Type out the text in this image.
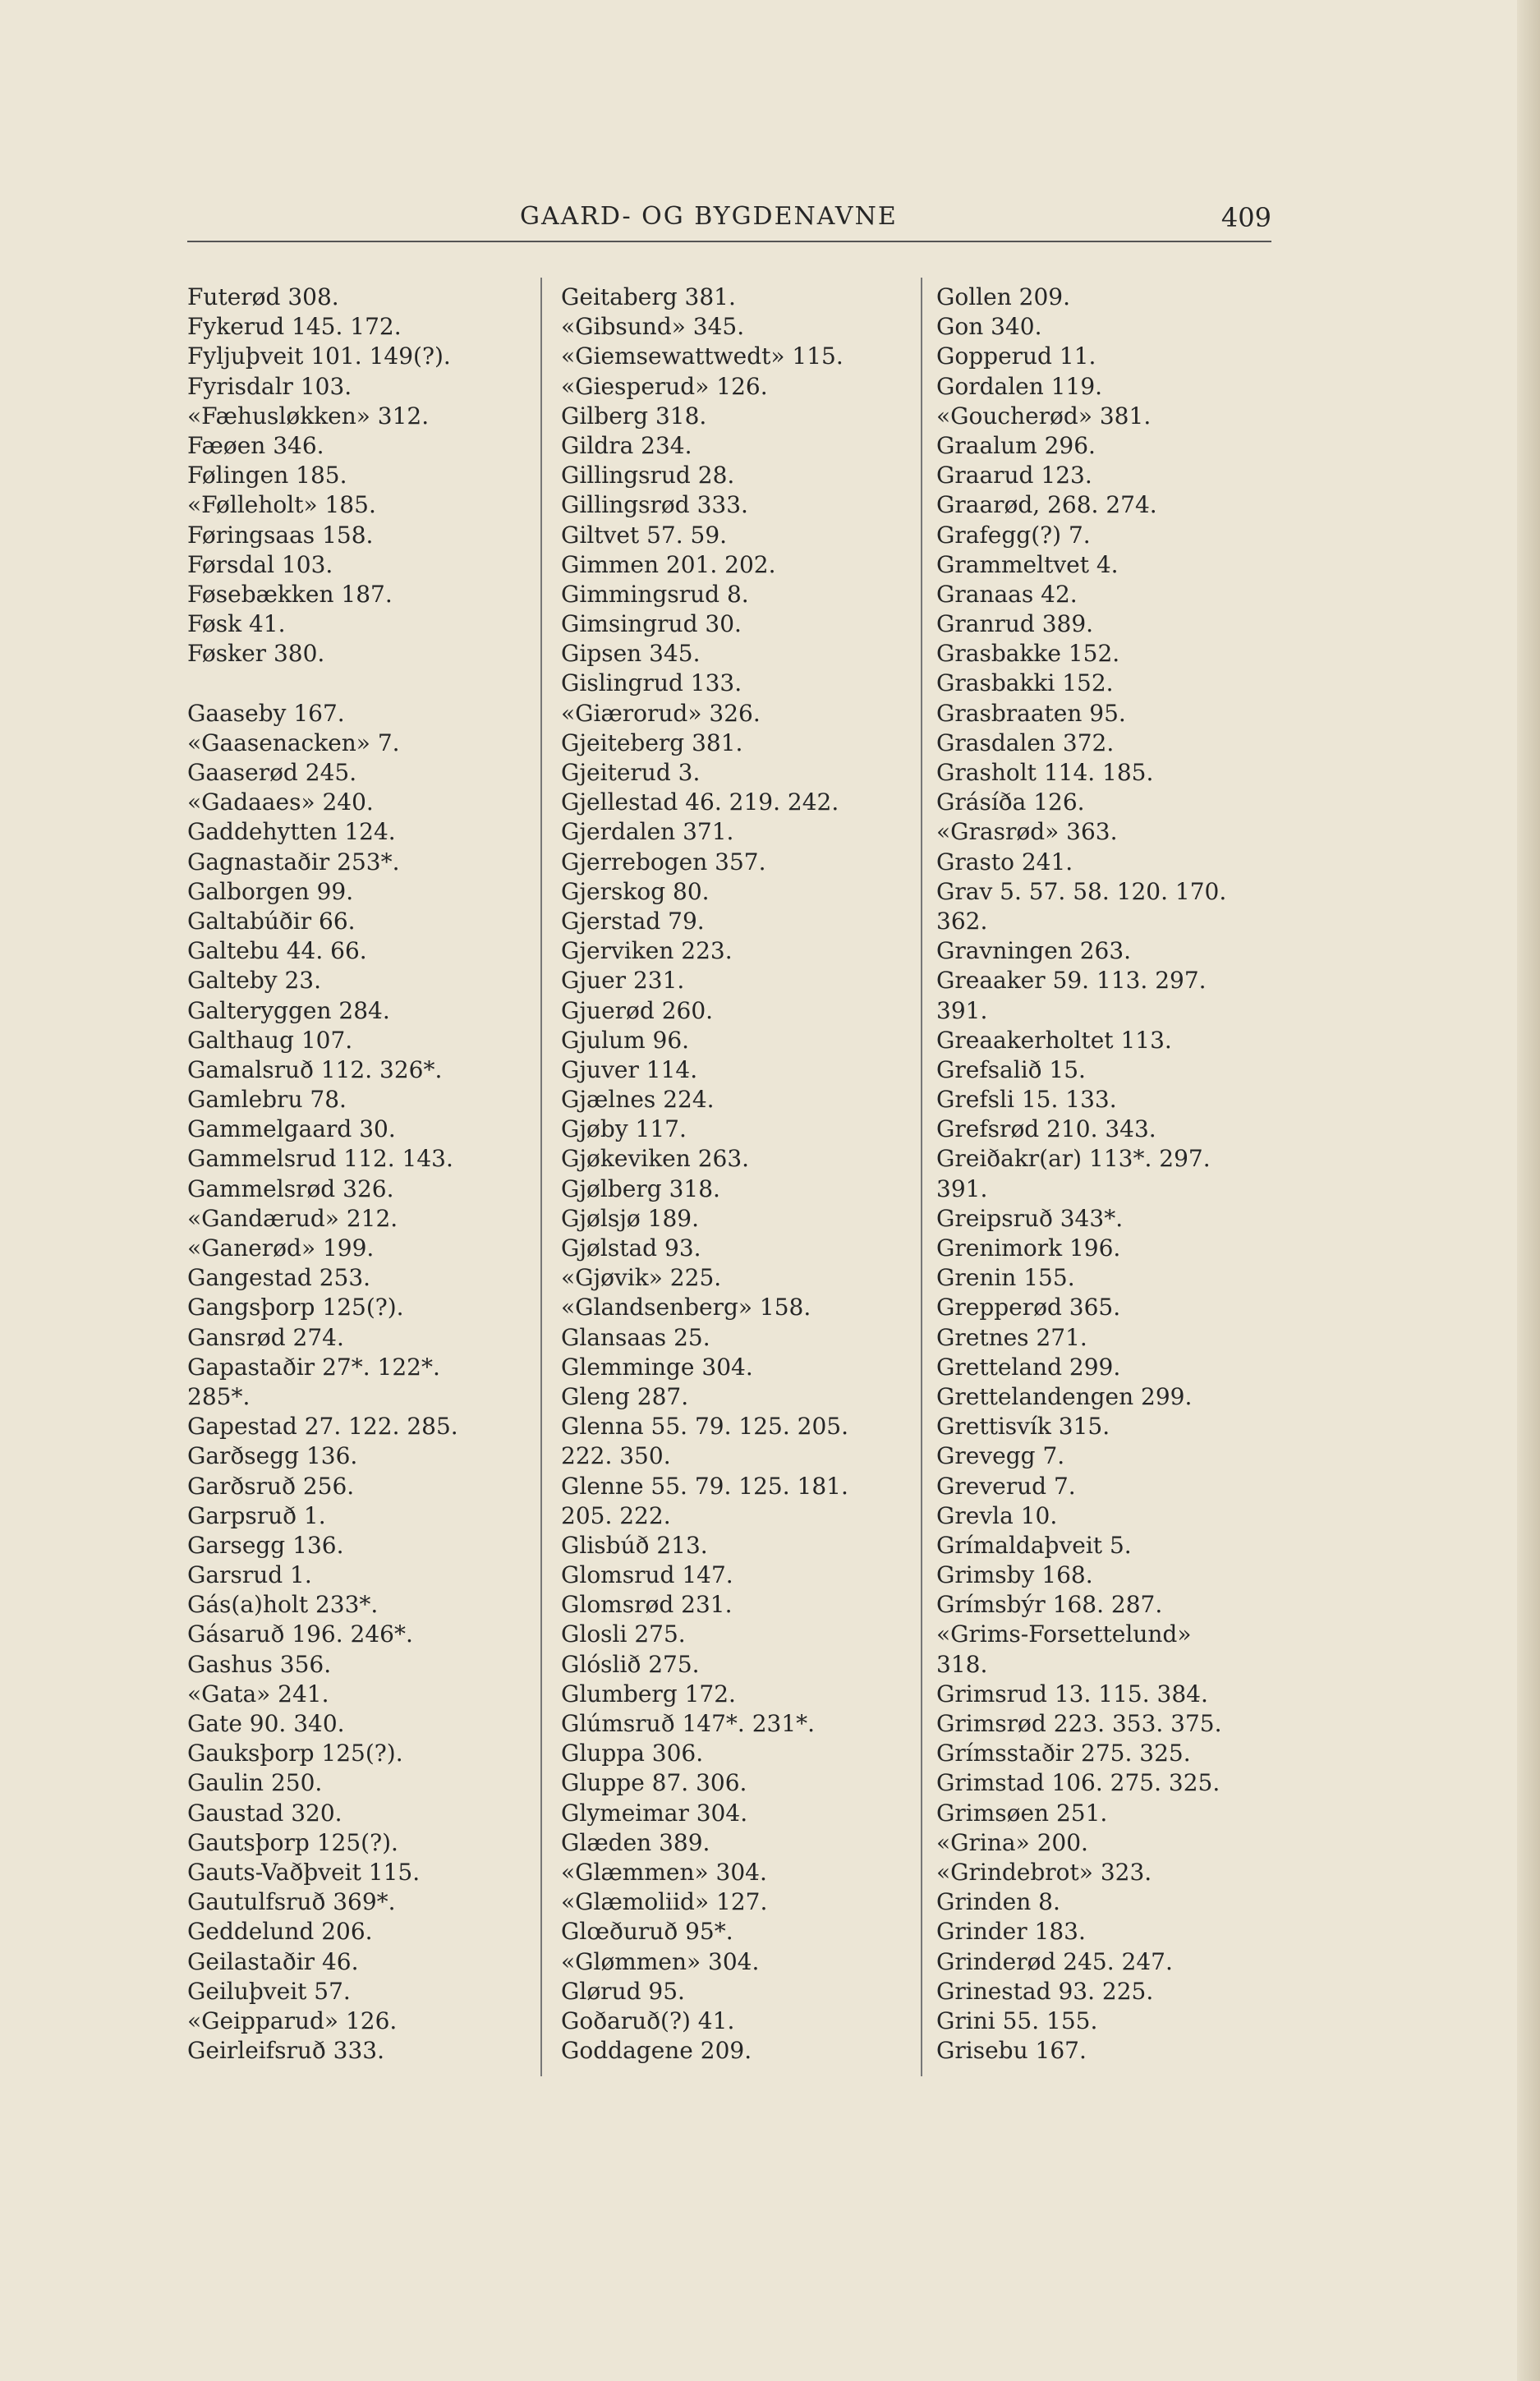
GAARD- OG BYGDENAVNE	409
Futerød 308.
Fykerud 145. 172.
Fyljuþveit 101. 149(?).
Fyrisdalr 103.
«Fæhusløkken» 312.
Fæøen 346.
Følingen 185.
«Følleholt» 185.
Føringsaas 158.
Førsdal 103.
Føsebækken 187.
Føsk 41.
Føsker 380.
Gaaseby 167.
«Gaasenacken» 7.
Gaaserød 245.
«Gadaaes» 240.
Gaddehytten 124.
Gagnastaðir 253*.
Galborgen 99.
Galtabúðir 66.
Galtebu 44. 66.
Galteby 23.
Galteryggen 284.
Galthaug 107.
Gamalsruð 112. 326*.
Gamlebru 78.
Gammelgaard 30.
Gammelsrud 112. 143.
Gammelsrød 326.
«Gandærud» 212.
«Ganerød» 199.
Gangestad 253.
Gangsþorp 125(?).
Gansrød 274.
Gapastaðir 27*. 122*.
285*.
Gapestad 27. 122. 285.
Garðsegg 136.
Garðsruð 256.
Garpsruð 1.
Garsegg 136.
Garsrud 1.
Gás(a)holt 233*.
Gásaruð 196. 246*.
Gashus 356.
«Gata» 241.
Gate 90. 340.
Gauksþorp 125(?).
Gaulin 250.
Gaustad 320.
Gautsþorp 125(?).
Gauts-Vaðþveit 115.
Gautulfsruð 369*.
Geddelund 206.
Geilastaðir 46.
Geiluþveit 57.
«Geipparud» 126.
Geirleifsruð 333.
Geitaberg 381.
«Gibsund» 345.
«Giemsewattwedt» 115.
«Giesperud» 126.
Gilberg 318.
Gildra 234.
Gillingsrud 28.
Gillingsrød 333.
Giltvet 57. 59.
Gimmen 201. 202.
Gimmingsrud 8.
Gimsingrud 30.
Gipsen 345.
Gislingrud 133.
«Giærorud» 326.
Gjeiteberg 381.
Gjeiterud 3.
Gjellestad 46. 219. 242.
Gjerdalen 371.
Gjerrebogen 357.
Gjerskog 80.
Gjerstad 79.
Gjerviken 223.
Gjuer 231.
Gjuerød 260.
Gjulum 96.
Gjuver 114.
Gjælnes 224.
Gjøby 117.
Gjøkeviken 263.
Gjølberg 318.
Gjølsjø 189.
Gjølstad 93.
«Gjøvik» 225.
«Glandsenberg» 158.
Glansaas 25.
Glemminge 304.
Gleng 287.
Glenna 55. 79. 125. 205.
222. 350.
Glenne 55. 79. 125. 181.
205. 222.
Glisbúð 213.
Glomsrud 147.
Glomsrød 231.
Glosli 275.
Glóslið 275.
Glumberg 172.
Glúmsruð 147*. 231*.
Gluppa 306.
Gluppe 87. 306.
Glymeimar 304.
Glæden 389.
«Glæmmen» 304.
«Glæmoliid» 127.
Glœðuruð 95*.
«Glømmen» 304.
Glørud 95.
Goðaruð(?) 41.
Goddagene 209.
Gollen 209.
Gon 340.
Gopperud 11.
Gordalen 119.
«Goucherød» 381.
Graalum 296.
Graarud 123.
Graarød, 268. 274.
Grafegg(?) 7.
Grammeltvet 4.
Granaas 42.
Granrud 389.
Grasbakke 152.
Grasbakki 152.
Grasbraaten 95.
Grasdalen 372.
Grasholt 114. 185.
Grásíða 126.
«Grasrød» 363.
Grasto 241.
Grav 5. 57. 58. 120. 170.
362.
Gravningen 263.
Greaaker 59. 113. 297.
391.
Greaakerholtet 113.
Grefsalið 15.
Grefsli 15. 133.
Grefsrød 210. 343.
Greiðakr(ar) 113*. 297.
391.
Greipsruð 343*.
Grenimork 196.
Grenin 155.
Grepperød 365.
Gretnes 271.
Gretteland 299.
Grettelandengen 299.
Grettisvík 315.
Grevegg 7.
Greverud 7.
Grevla 10.
Grímaldaþveit 5.
Grimsby 168.
Grímsbýr 168. 287.
«Grims-Forsettelund»
318.
Grimsrud 13. 115. 384.
Grimsrød 223. 353. 375.
Grímsstaðir 275. 325.
Grimstad 106. 275. 325.
Grimsøen 251.
«Grina» 200.
«Grindebrot» 323.
Grinden 8.
Grinder 183.
Grinderød 245. 247.
Grinestad 93. 225.
Grini 55. 155.
Grisebu 167.
